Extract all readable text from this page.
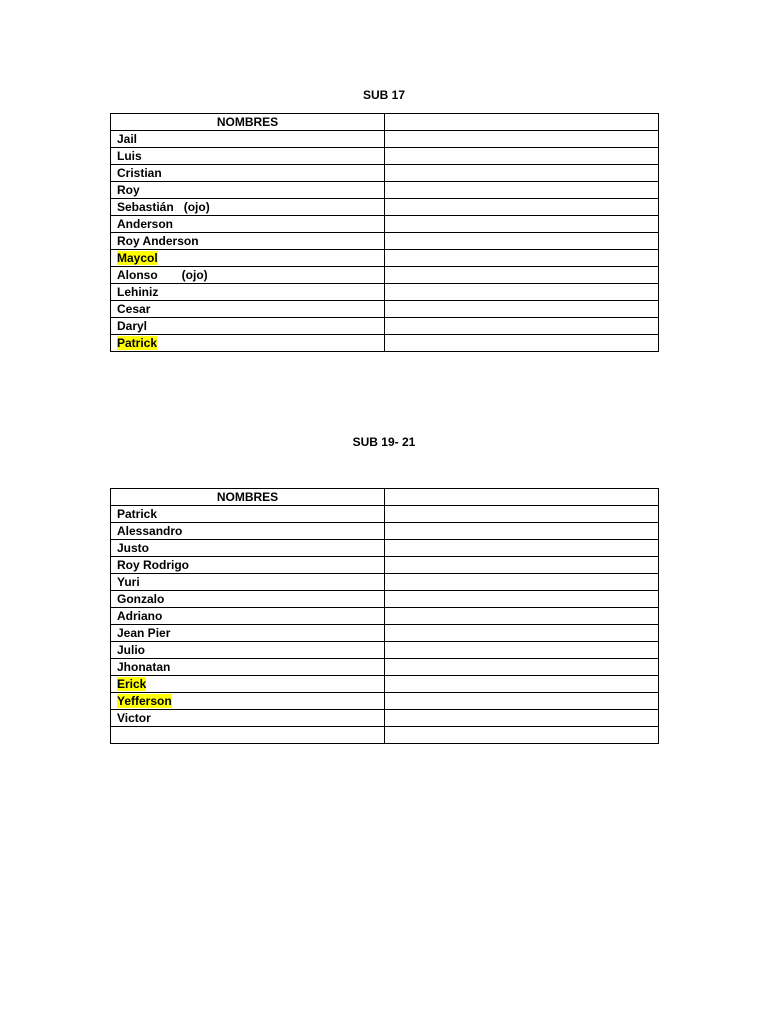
SUB 17
NOMBRES	
Jail	
Luis	
Cristian	
Roy	
Sebastián (ojo)	
Anderson	
Roy Anderson	
Maycol	
Alonso (ojo)	
Lehiniz	
Cesar	
Daryl	
Patrick	
SUB 19- 21
NOMBRES	
Patrick	
Alessandro	
Justo	
Roy Rodrigo	
Yuri	
Gonzalo	
Adriano	
Jean Pier	
Julio	
Jhonatan	
Erick	
Yefferson	
Victor	
